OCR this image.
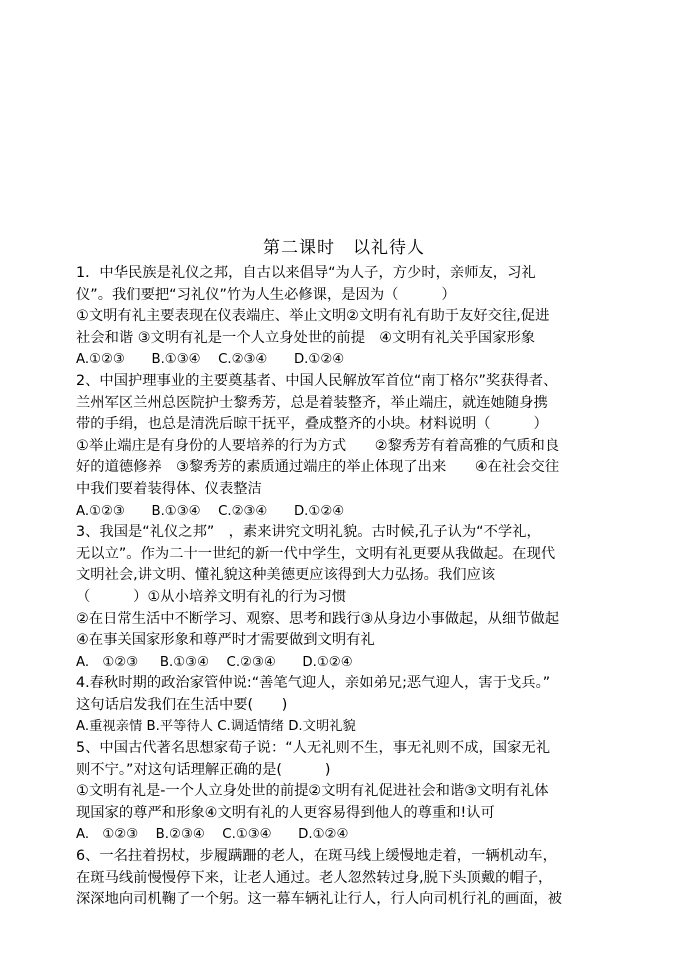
第二课时　以礼待人
1．中华民族是礼仪之邦，自古以来倡导“为人子，方少时，亲师友，习礼
仪”。我们要把“习礼仪”竹为人生必修课，是因为（　　　）
①文明有礼主要表现在仪表端庄、举止文明②文明有礼有助于友好交往,促进
社会和谐 ③文明有礼是一个人立身处世的前提　④文明有礼关乎国家形象
A.①②③　　B.①③④　 C.②③④　　D.①②④
2、中国护理事业的主要奠基者、中国人民解放军首位“南丁格尔”奖获得者、
兰州军区兰州总医院护士黎秀芳，总是着装整齐，举止端庄，就连她随身携
带的手绢，也总是清洗后晾干抚平，叠成整齐的小块。材料说明（　　　）
①举止端庄是有身份的人要培养的行为方式　　②黎秀芳有着高雅的气质和良
好的道德修养　③黎秀芳的素质通过端庄的举止体现了出来　　④在社会交往
中我们要着装得体、仪表整洁
A.①②③　　B.①③④　 C.②③④　　D.①②④
3、我国是“礼仪之邦”　，素来讲究文明礼貌。古时候,孔子认为“不学礼，
无以立”。作为二十一世纪的新一代中学生，文明有礼更要从我做起。在现代
文明社会,讲文明、懂礼貌这种美德更应该得到大力弘扬。我们应该
（　　　）①从小培养文明有礼的行为习惯
②在日常生活中不断学习、观察、思考和践行③从身边小事做起，从细节做起
④在事关国家形象和尊严时才需要做到文明有礼
A.　①②③　  B.①③④　 C.②③④　　D.①②④
4.春秋时期的政治家管仲说:“善笔气迎人，亲如弟兄;恶气迎人，害于戈兵。”
这句话启发我们在生活中要(　　)
A.重视亲情 B.平等待人 C.调适情绪 D.文明礼貌
5、中国古代著名思想家荀子说：“人无礼则不生，事无礼则不成，国家无礼
则不宁。”对这句话理解正确的是(　　　)
①文明有礼是-一个人立身处世的前提②文明有礼促进社会和谐③文明有礼体
现国家的尊严和形象④文明有礼的人更容易得到他人的尊重和!认可
A.　①②③　 B.②③④　 C.①③④　　D.①②④
6、一名拄着拐杖，步履蹒跚的老人，在斑马线上缓慢地走着，一辆机动车，
在斑马线前慢慢停下来，让老人通过。老人忽然转过身,脱下头顶戴的帽子，
深深地向司机鞠了一个躬。这一幕车辆礼让行人，行人向司机行礼的画面，被
